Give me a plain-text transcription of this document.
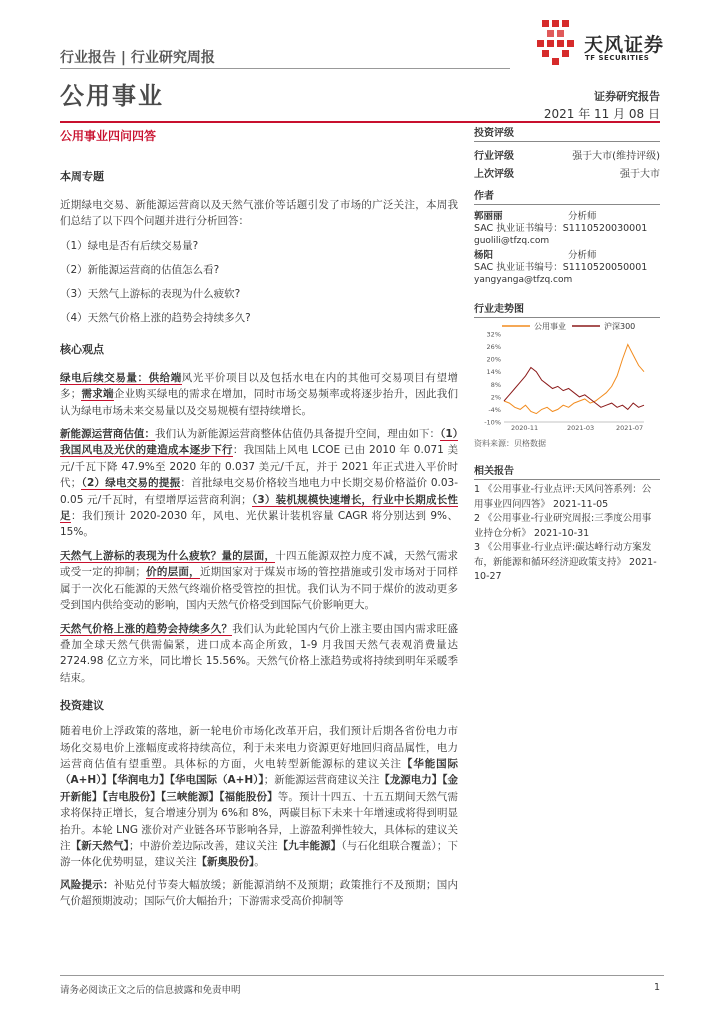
行业报告 | 行业研究周报
天风证券
TF SECURITIES
公用事业	证券研究报告
2021 年 11 月 08 日
公用事业四问四答

本周专题

近期绿电交易、新能源运营商以及天然气涨价等话题引发了市场的广泛关注，本周我们总结了以下四个问题并进行分析回答：

（1）绿电是否有后续交易量?

（2）新能源运营商的估值怎么看?

（3）天然气上游标的表现为什么疲软?

（4）天然气价格上涨的趋势会持续多久?

核心观点

绿电后续交易量：供给端风光平价项目以及包括水电在内的其他可交易项目有望增多；需求端企业购买绿电的需求在增加，同时市场交易频率或将逐步抬升，因此我们认为绿电市场未来交易量以及交易规模有望持续增长。

新能源运营商估值：我们认为新能源运营商整体估值仍具备提升空间，理由如下：（1）我国风电及光伏的建造成本逐步下行：我国陆上风电 LCOE 已由 2010 年 0.071 美元/千瓦下降 47.9%至 2020 年的 0.037 美元/千瓦，并于 2021 年正式进入平价时代；（2）绿电交易的提振：首批绿电交易价格较当地电力中长期交易价格溢价 0.03-0.05 元/千瓦时，有望增厚运营商利润；（3）装机规模快速增长，行业中长期成长性足：我们预计 2020-2030 年，风电、光伏累计装机容量 CAGR 将分别达到 9%、15%。

天然气上游标的表现为什么疲软？量的层面，十四五能源双控力度不减，天然气需求或受一定的抑制；价的层面，近期国家对于煤炭市场的管控措施或引发市场对于同样属于一次化石能源的天然气终端价格受管控的担忧。我们认为不同于煤价的波动更多受到国内供给变动的影响，国内天然气价格受到国际气价影响更大。

天然气价格上涨的趋势会持续多久？我们认为此轮国内气价上涨主要由国内需求旺盛叠加全球天然气供需偏紧，进口成本高企所致，1-9 月我国天然气表观消费量达 2724.98 亿立方米，同比增长 15.56%。天然气价格上涨趋势或将持续到明年采暖季结束。

投资建议

随着电价上浮政策的落地，新一轮电价市场化改革开启，我们预计后期各省份电力市场化交易电价上涨幅度或将持续高位，利于未来电力资源更好地回归商品属性，电力运营商估值有望重塑。具体标的方面，火电转型新能源标的建议关注【华能国际（A+H）】【华润电力】【华电国际（A+H）】；新能源运营商建议关注【龙源电力】【金开新能】【吉电股份】【三峡能源】【福能股份】等。预计十四五、十五五期间天然气需求将保持正增长，复合增速分别为 6%和 8%，两碳目标下未来十年增速或将得到明显抬升。本轮 LNG 涨价对产业链各环节影响各异，上游盈利弹性较大，具体标的建议关注【新天然气】；中游价差边际改善，建议关注【九丰能源】（与石化组联合覆盖）；下游一体化优势明显，建议关注【新奥股份】。

风险提示：补贴兑付节奏大幅放缓；新能源消纳不及预期；政策推行不及预期；国内气价超预期波动；国际气价大幅抬升；下游需求受高价抑制等

投资评级
行业评级	强于大市(维持评级)
上次评级	强于大市
作者
郭丽丽	分析师
SAC 执业证书编号：S1110520030001
guolili@tfzq.com
杨阳	分析师
SAC 执业证书编号：S1110520050001
yangyanga@tfzq.com
行业走势图
公用事业	沪深300
32%
26%
20%
14%
8%
2%
-4%
-10%
2020-11	2021-03	2021-07
资料来源：贝格数据
相关报告
1 《公用事业-行业点评:天风问答系列：公用事业四问四答》 2021-11-05
2 《公用事业-行业研究周报:三季度公用事业持仓分析》 2021-10-31
3 《公用事业-行业点评:碳达峰行动方案发布，新能源和循环经济迎政策支持》 2021-10-27
请务必阅读正文之后的信息披露和免责申明	1
